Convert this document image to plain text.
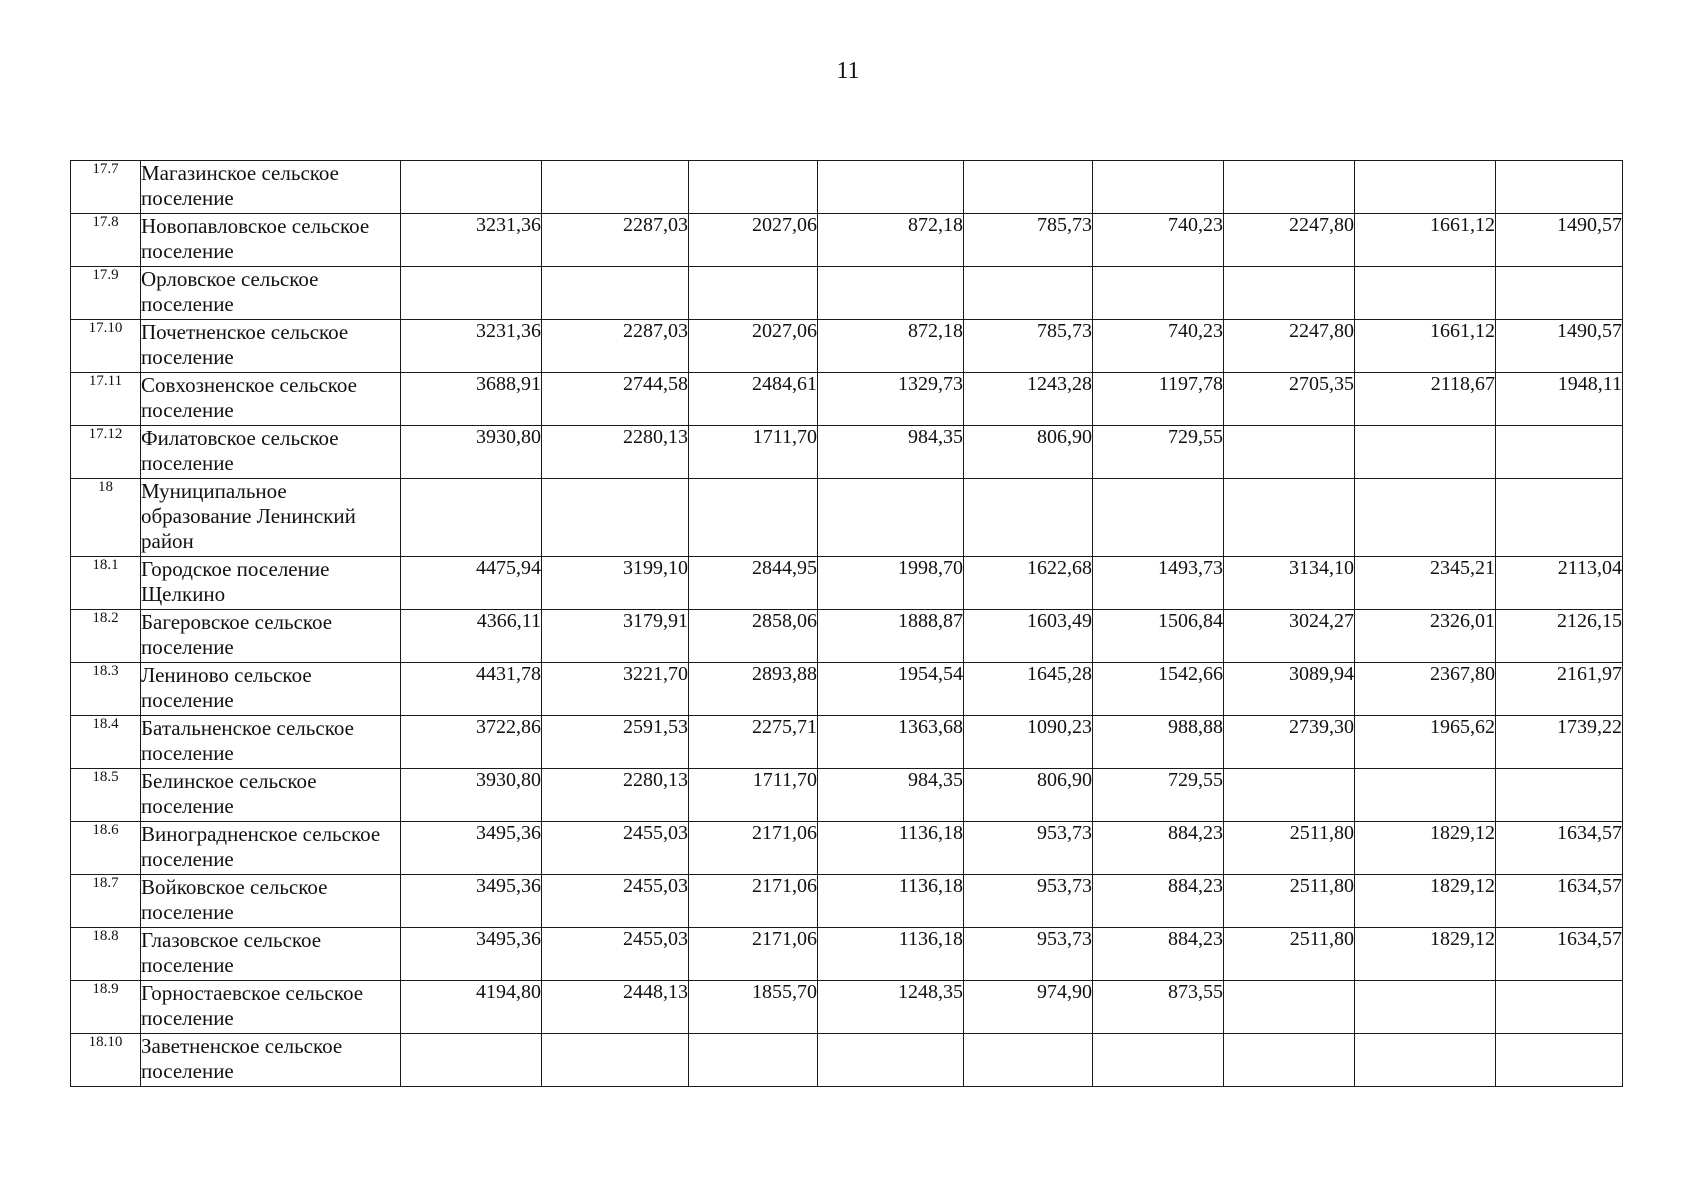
11
17.7	Магазинское сельское поселение									
17.8	Новопавловское сельское поселение	3231,36	2287,03	2027,06	872,18	785,73	740,23	2247,80	1661,12	1490,57
17.9	Орловское сельское поселение									
17.10	Почетненское сельское поселение	3231,36	2287,03	2027,06	872,18	785,73	740,23	2247,80	1661,12	1490,57
17.11	Совхозненское сельское поселение	3688,91	2744,58	2484,61	1329,73	1243,28	1197,78	2705,35	2118,67	1948,11
17.12	Филатовское сельское поселение	3930,80	2280,13	1711,70	984,35	806,90	729,55			
18	Муниципальное образование Ленинский район									
18.1	Городское поселение Щелкино	4475,94	3199,10	2844,95	1998,70	1622,68	1493,73	3134,10	2345,21	2113,04
18.2	Багеровское сельское поселение	4366,11	3179,91	2858,06	1888,87	1603,49	1506,84	3024,27	2326,01	2126,15
18.3	Лениново сельское поселение	4431,78	3221,70	2893,88	1954,54	1645,28	1542,66	3089,94	2367,80	2161,97
18.4	Батальненское сельское поселение	3722,86	2591,53	2275,71	1363,68	1090,23	988,88	2739,30	1965,62	1739,22
18.5	Белинское сельское поселение	3930,80	2280,13	1711,70	984,35	806,90	729,55			
18.6	Виноградненское сельское поселение	3495,36	2455,03	2171,06	1136,18	953,73	884,23	2511,80	1829,12	1634,57
18.7	Войковское сельское поселение	3495,36	2455,03	2171,06	1136,18	953,73	884,23	2511,80	1829,12	1634,57
18.8	Глазовское сельское поселение	3495,36	2455,03	2171,06	1136,18	953,73	884,23	2511,80	1829,12	1634,57
18.9	Горностаевское сельское поселение	4194,80	2448,13	1855,70	1248,35	974,90	873,55			
18.10	Заветненское сельское поселение									
